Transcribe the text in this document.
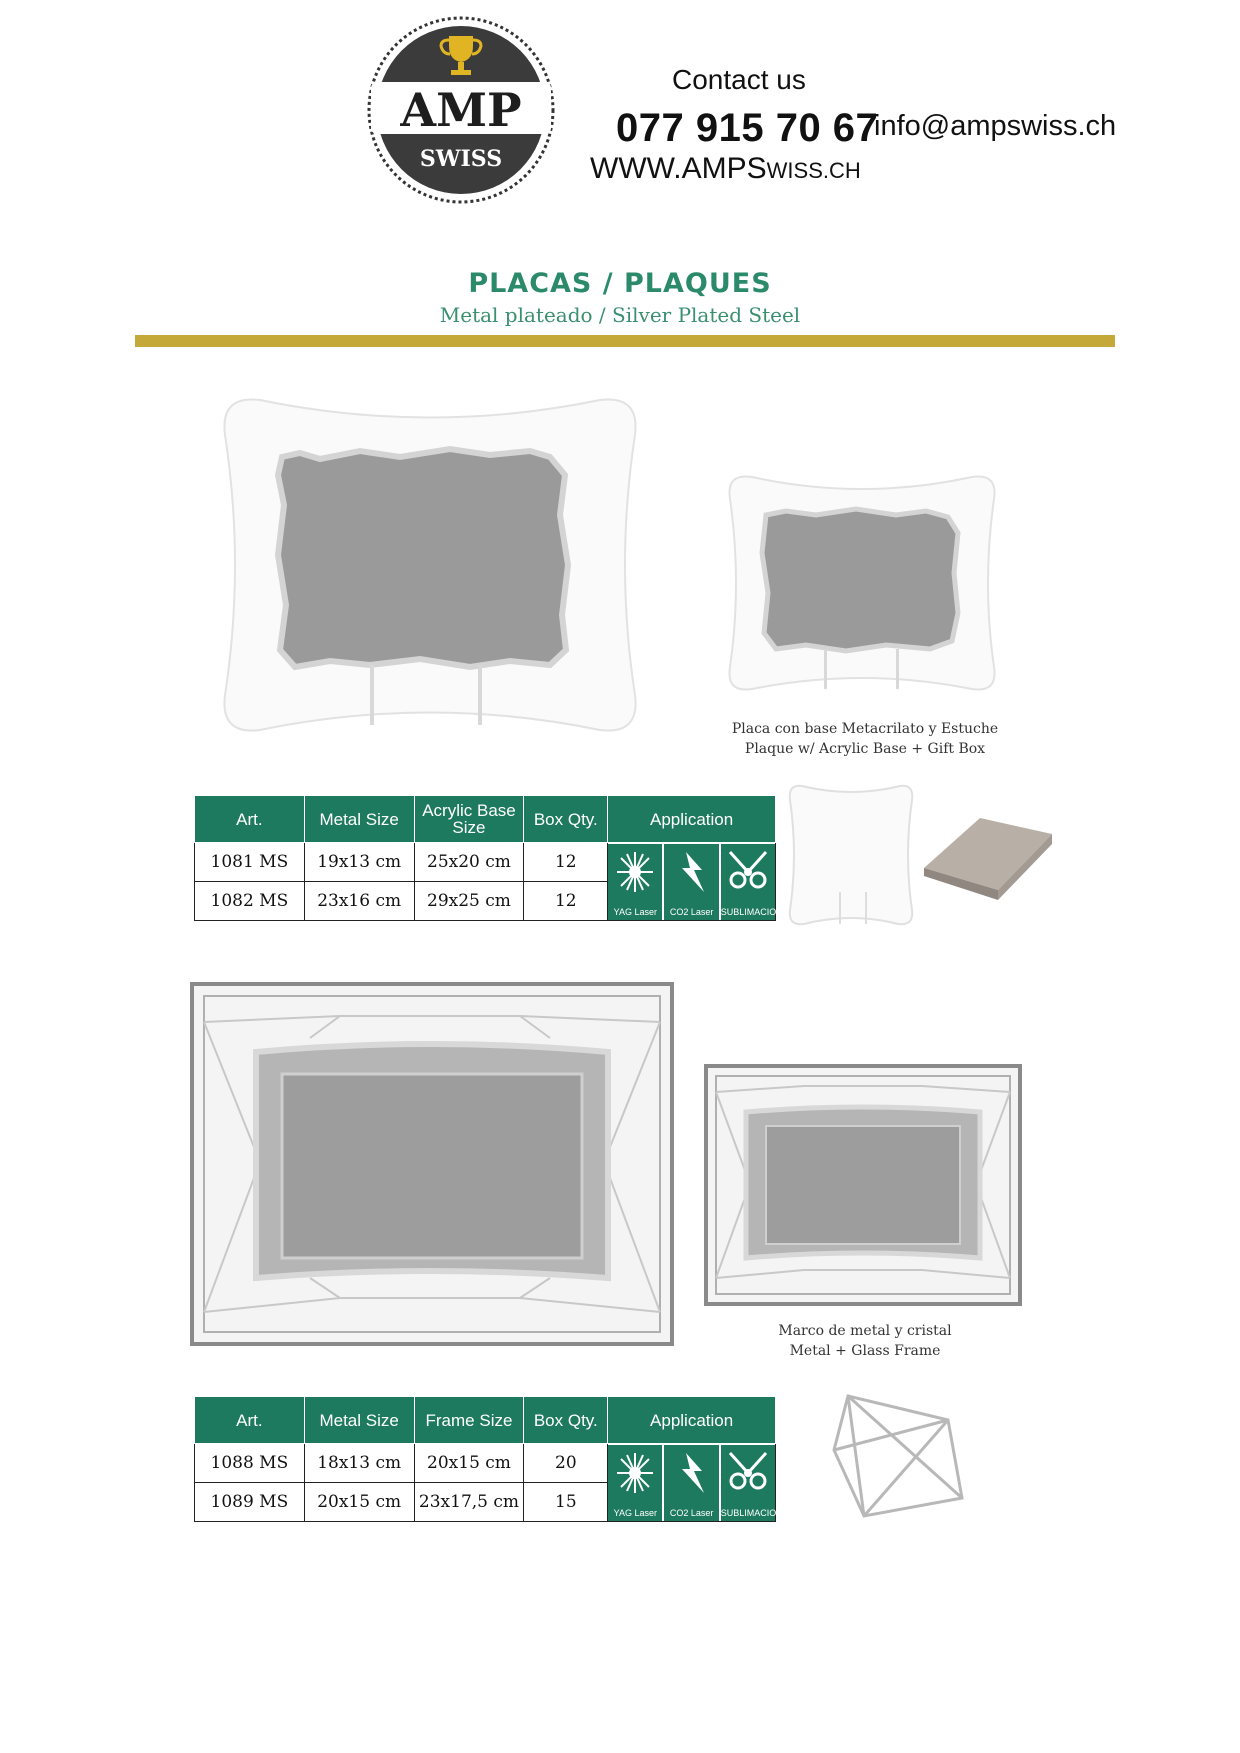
AMP
SWISS
Contact us
077 915 70 67
info@ampswiss.ch
WWW.AMPSWISS.CH
PLACAS / PLAQUES
Metal plateado / Silver Plated Steel
Placa con base Metacrilato y Estuche
Plaque w/ Acrylic Base + Gift Box
Art.	Metal Size	Acrylic Base Size	Box Qty.	Application
1081 MS	19x13 cm	25x20 cm	12	YAG Laser CO2 Laser SUBLIMACION

1082 MS	23x16 cm	29x25 cm	12	
Marco de metal y cristal
Metal + Glass Frame
Art.	Metal Size	Frame Size	Box Qty.	Application
1088 MS	18x13 cm	20x15 cm	20	YAG Laser CO2 Laser SUBLIMACION

1089 MS	20x15 cm	23x17,5 cm	15	
